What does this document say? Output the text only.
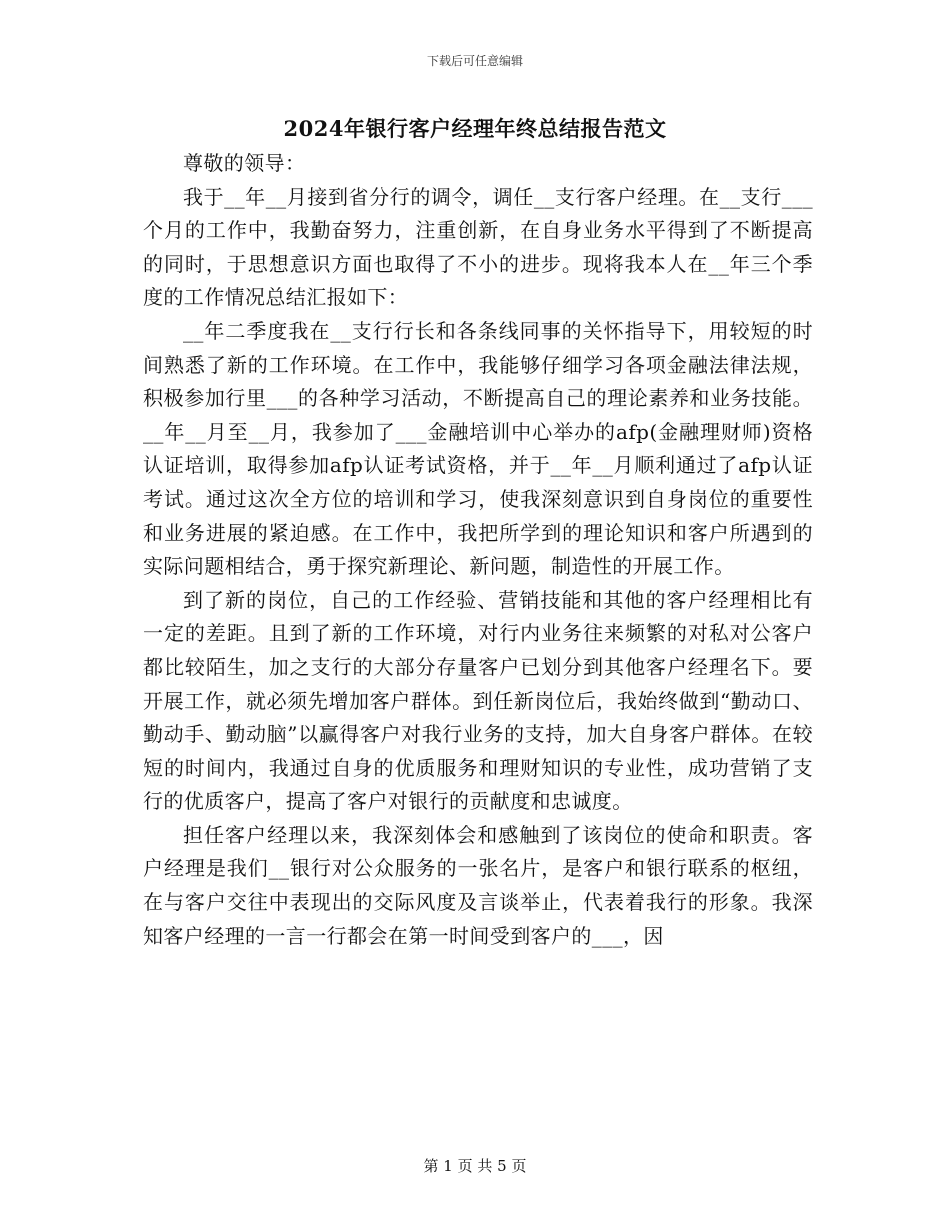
下载后可任意编辑
2024年银行客户经理年终总结报告范文

尊敬的领导：

我于__年__月接到省分行的调令，调任__支行客户经理。在__支行___个月的工作中，我勤奋努力，注重创新，在自身业务水平得到了不断提高的同时，于思想意识方面也取得了不小的进步。现将我本人在__年三个季度的工作情况总结汇报如下：

__年二季度我在__支行行长和各条线同事的关怀指导下，用较短的时间熟悉了新的工作环境。在工作中，我能够仔细学习各项金融法律法规，积极参加行里___的各种学习活动，不断提高自己的理论素养和业务技能。__年__月至__月，我参加了___金融培训中心举办的afp(金融理财师)资格认证培训，取得参加afp认证考试资格，并于__年__月顺利通过了afp认证考试。通过这次全方位的培训和学习，使我深刻意识到自身岗位的重要性和业务进展的紧迫感。在工作中，我把所学到的理论知识和客户所遇到的实际问题相结合，勇于探究新理论、新问题，制造性的开展工作。

到了新的岗位，自己的工作经验、营销技能和其他的客户经理相比有一定的差距。且到了新的工作环境，对行内业务往来频繁的对私对公客户都比较陌生，加之支行的大部分存量客户已划分到其他客户经理名下。要开展工作，就必须先增加客户群体。到任新岗位后，我始终做到“勤动口、勤动手、勤动脑”以赢得客户对我行业务的支持，加大自身客户群体。在较短的时间内，我通过自身的优质服务和理财知识的专业性，成功营销了支行的优质客户，提高了客户对银行的贡献度和忠诚度。

担任客户经理以来，我深刻体会和感触到了该岗位的使命和职责。客户经理是我们__银行对公众服务的一张名片，是客户和银行联系的枢纽，在与客户交往中表现出的交际风度及言谈举止，代表着我行的形象。我深知客户经理的一言一行都会在第一时间受到客户的___，因

第 1 页 共 5 页
